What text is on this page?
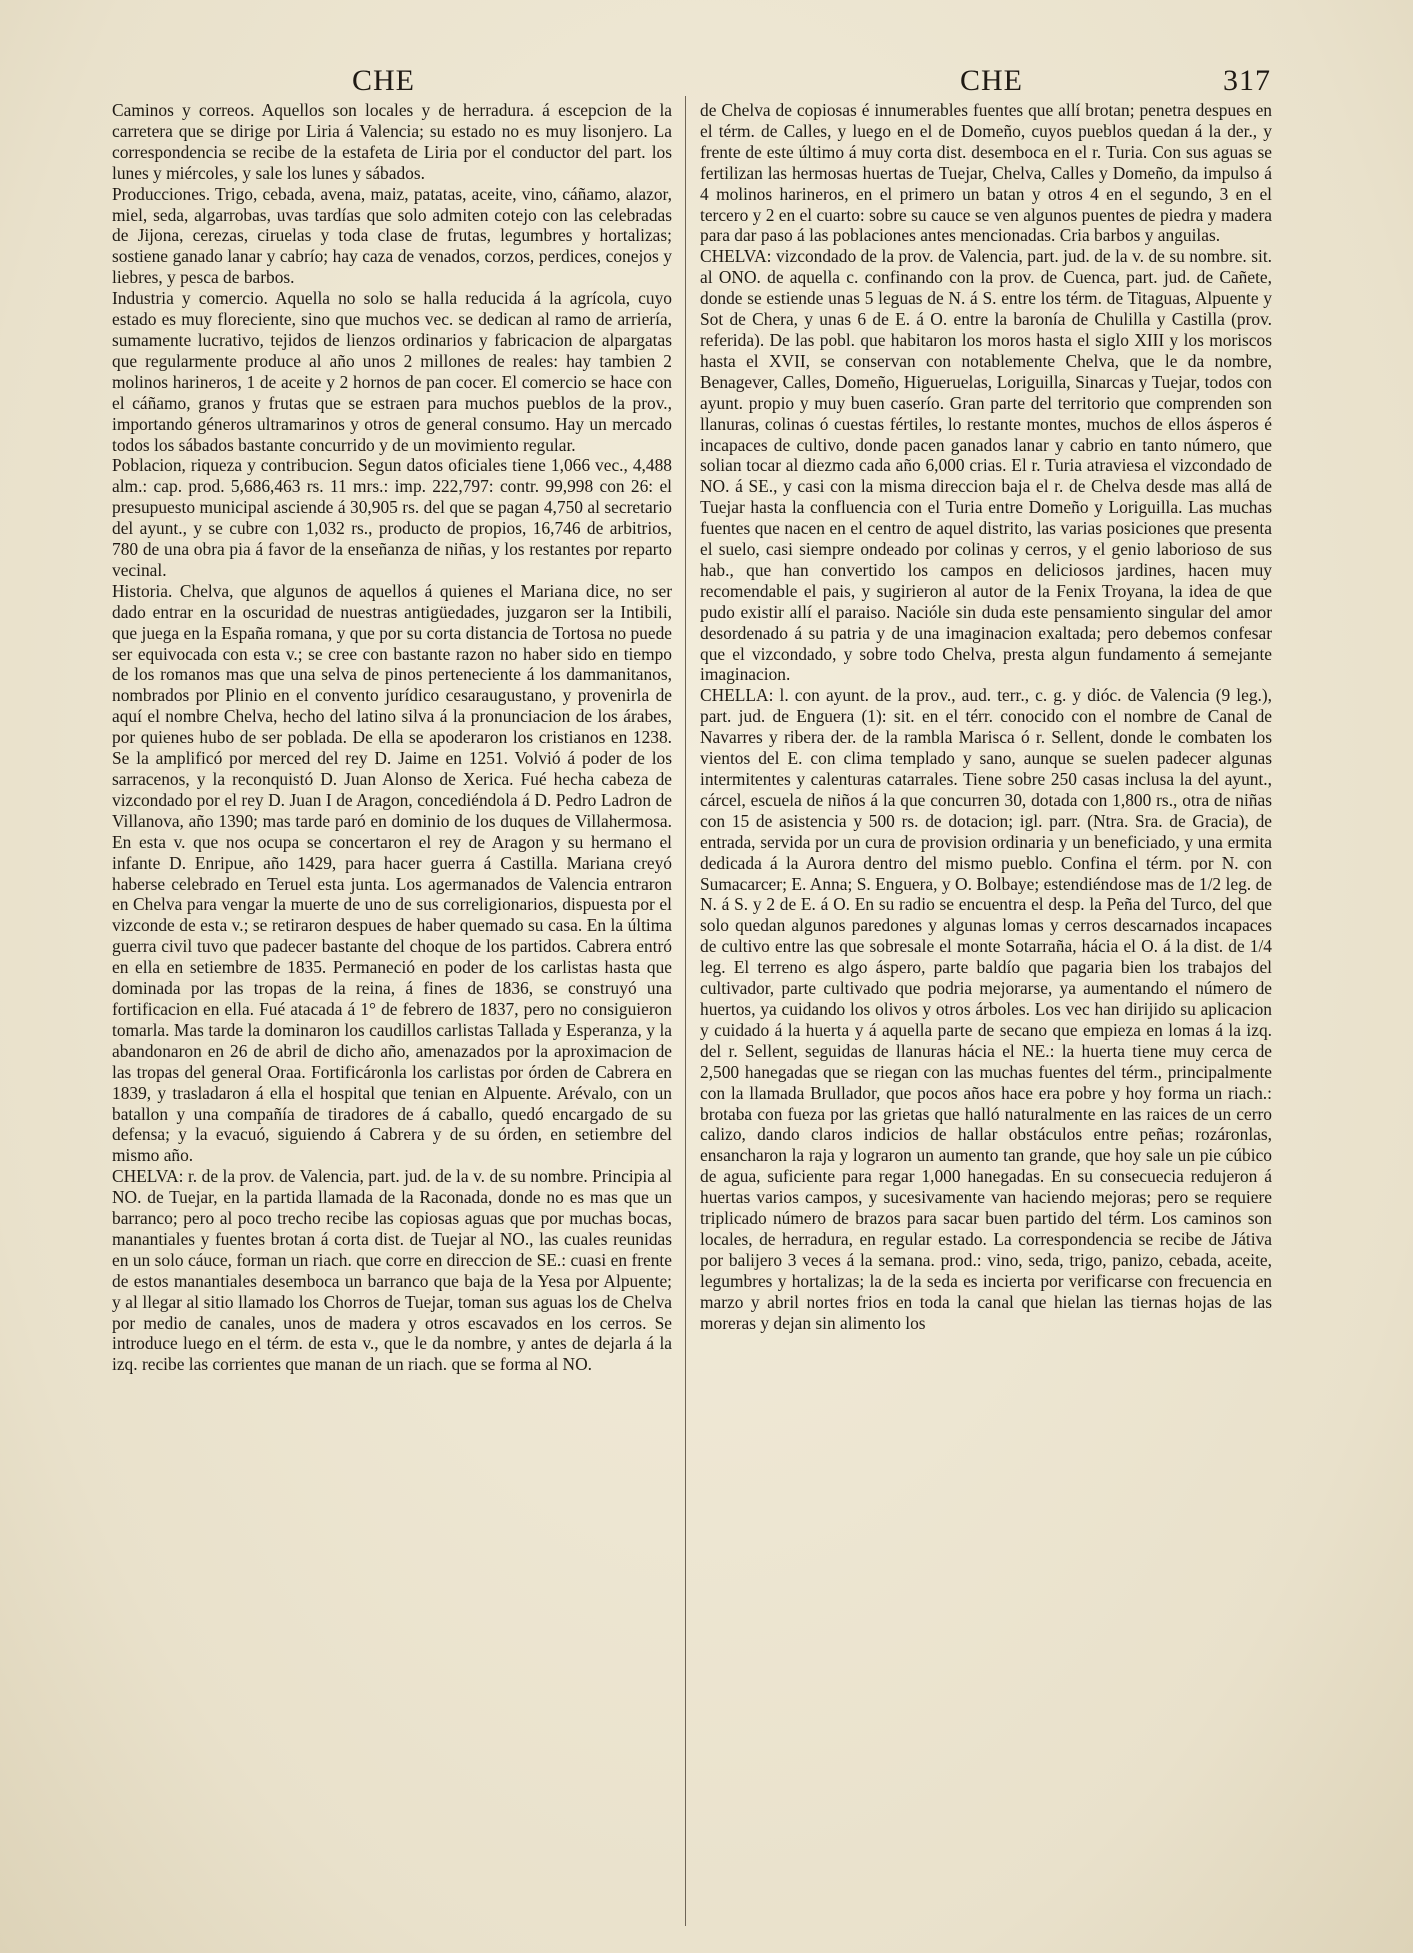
CHE	CHE	317

Caminos y correos. Aquellos son locales y de herradura. á escepcion de la carretera que se dirige por Liria á Valencia; su estado no es muy lisonjero. La correspondencia se recibe de la estafeta de Liria por el conductor del part. los lunes y miércoles, y sale los lunes y sábados.

Producciones. Trigo, cebada, avena, maiz, patatas, aceite, vino, cáñamo, alazor, miel, seda, algarrobas, uvas tardías que solo admiten cotejo con las celebradas de Jijona, cerezas, ciruelas y toda clase de frutas, legumbres y hortalizas; sostiene ganado lanar y cabrío; hay caza de venados, corzos, perdices, conejos y liebres, y pesca de barbos.

Industria y comercio. Aquella no solo se halla reducida á la agrícola, cuyo estado es muy floreciente, sino que muchos vec. se dedican al ramo de arriería, sumamente lucrativo, tejidos de lienzos ordinarios y fabricacion de alpargatas que regularmente produce al año unos 2 millones de reales: hay tambien 2 molinos harineros, 1 de aceite y 2 hornos de pan cocer. El comercio se hace con el cáñamo, granos y frutas que se estraen para muchos pueblos de la prov., importando géneros ultramarinos y otros de general consumo. Hay un mercado todos los sábados bastante concurrido y de un movimiento regular.

Poblacion, riqueza y contribucion. Segun datos oficiales tiene 1,066 vec., 4,488 alm.: cap. prod. 5,686,463 rs. 11 mrs.: imp. 222,797: contr. 99,998 con 26: el presupuesto municipal asciende á 30,905 rs. del que se pagan 4,750 al secretario del ayunt., y se cubre con 1,032 rs., producto de propios, 16,746 de arbitrios, 780 de una obra pia á favor de la enseñanza de niñas, y los restantes por reparto vecinal.

Historia. Chelva, que algunos de aquellos á quienes el Mariana dice, no ser dado entrar en la oscuridad de nuestras antigüedades, juzgaron ser la Intibili, que juega en la España romana, y que por su corta distancia de Tortosa no puede ser equivocada con esta v.; se cree con bastante razon no haber sido en tiempo de los romanos mas que una selva de pinos perteneciente á los dammanitanos, nombrados por Plinio en el convento jurídico cesaraugustano, y provenirla de aquí el nombre Chelva, hecho del latino silva á la pronunciacion de los árabes, por quienes hubo de ser poblada. De ella se apoderaron los cristianos en 1238. Se la amplificó por merced del rey D. Jaime en 1251. Volvió á poder de los sarracenos, y la reconquistó D. Juan Alonso de Xerica. Fué hecha cabeza de vizcondado por el rey D. Juan I de Aragon, concediéndola á D. Pedro Ladron de Villanova, año 1390; mas tarde paró en dominio de los duques de Villahermosa. En esta v. que nos ocupa se concertaron el rey de Aragon y su hermano el infante D. Enripue, año 1429, para hacer guerra á Castilla. Mariana creyó haberse celebrado en Teruel esta junta. Los agermanados de Valencia entraron en Chelva para vengar la muerte de uno de sus correligionarios, dispuesta por el vizconde de esta v.; se retiraron despues de haber quemado su casa. En la última guerra civil tuvo que padecer bastante del choque de los partidos. Cabrera entró en ella en setiembre de 1835. Permaneció en poder de los carlistas hasta que dominada por las tropas de la reina, á fines de 1836, se construyó una fortificacion en ella. Fué atacada á 1° de febrero de 1837, pero no consiguieron tomarla. Mas tarde la dominaron los caudillos carlistas Tallada y Esperanza, y la abandonaron en 26 de abril de dicho año, amenazados por la aproximacion de las tropas del general Oraa. Fortificáronla los carlistas por órden de Cabrera en 1839, y trasladaron á ella el hospital que tenian en Alpuente. Arévalo, con un batallon y una compañía de tiradores de á caballo, quedó encargado de su defensa; y la evacuó, siguiendo á Cabrera y de su órden, en setiembre del mismo año.

CHELVA: r. de la prov. de Valencia, part. jud. de la v. de su nombre. Principia al NO. de Tuejar, en la partida llamada de la Raconada, donde no es mas que un barranco; pero al poco trecho recibe las copiosas aguas que por muchas bocas, manantiales y fuentes brotan á corta dist. de Tuejar al NO., las cuales reunidas en un solo cáuce, forman un riach. que corre en direccion de SE.: cuasi en frente de estos manantiales desemboca un barranco que baja de la Yesa por Alpuente; y al llegar al sitio llamado los Chorros de Tuejar, toman sus aguas los de Chelva por medio de canales, unos de madera y otros escavados en los cerros. Se introduce luego en el térm. de esta v., que le da nombre, y antes de dejarla á la izq. recibe las corrientes que manan de un riach. que se forma al NO.

de Chelva de copiosas é innumerables fuentes que allí brotan; penetra despues en el térm. de Calles, y luego en el de Domeño, cuyos pueblos quedan á la der., y frente de este último á muy corta dist. desemboca en el r. Turia. Con sus aguas se fertilizan las hermosas huertas de Tuejar, Chelva, Calles y Domeño, da impulso á 4 molinos harineros, en el primero un batan y otros 4 en el segundo, 3 en el tercero y 2 en el cuarto: sobre su cauce se ven algunos puentes de piedra y madera para dar paso á las poblaciones antes mencionadas. Cria barbos y anguilas.

CHELVA: vizcondado de la prov. de Valencia, part. jud. de la v. de su nombre. sit. al ONO. de aquella c. confinando con la prov. de Cuenca, part. jud. de Cañete, donde se estiende unas 5 leguas de N. á S. entre los térm. de Titaguas, Alpuente y Sot de Chera, y unas 6 de E. á O. entre la baronía de Chulilla y Castilla (prov. referida). De las pobl. que habitaron los moros hasta el siglo XIII y los moriscos hasta el XVII, se conservan con notablemente Chelva, que le da nombre, Benagever, Calles, Domeño, Higueruelas, Loriguilla, Sinarcas y Tuejar, todos con ayunt. propio y muy buen caserío. Gran parte del territorio que comprenden son llanuras, colinas ó cuestas fértiles, lo restante montes, muchos de ellos ásperos é incapaces de cultivo, donde pacen ganados lanar y cabrio en tanto número, que solian tocar al diezmo cada año 6,000 crias. El r. Turia atraviesa el vizcondado de NO. á SE., y casi con la misma direccion baja el r. de Chelva desde mas allá de Tuejar hasta la confluencia con el Turia entre Domeño y Loriguilla. Las muchas fuentes que nacen en el centro de aquel distrito, las varias posiciones que presenta el suelo, casi siempre ondeado por colinas y cerros, y el genio laborioso de sus hab., que han convertido los campos en deliciosos jardines, hacen muy recomendable el pais, y sugirieron al autor de la Fenix Troyana, la idea de que pudo existir allí el paraiso. Nacióle sin duda este pensamiento singular del amor desordenado á su patria y de una imaginacion exaltada; pero debemos confesar que el vizcondado, y sobre todo Chelva, presta algun fundamento á semejante imaginacion.

CHELLA: l. con ayunt. de la prov., aud. terr., c. g. y dióc. de Valencia (9 leg.), part. jud. de Enguera (1): sit. en el térr. conocido con el nombre de Canal de Navarres y ribera der. de la rambla Marisca ó r. Sellent, donde le combaten los vientos del E. con clima templado y sano, aunque se suelen padecer algunas intermitentes y calenturas catarrales. Tiene sobre 250 casas inclusa la del ayunt., cárcel, escuela de niños á la que concurren 30, dotada con 1,800 rs., otra de niñas con 15 de asistencia y 500 rs. de dotacion; igl. parr. (Ntra. Sra. de Gracia), de entrada, servida por un cura de provision ordinaria y un beneficiado, y una ermita dedicada á la Aurora dentro del mismo pueblo. Confina el térm. por N. con Sumacarcer; E. Anna; S. Enguera, y O. Bolbaye; estendiéndose mas de 1/2 leg. de N. á S. y 2 de E. á O. En su radio se encuentra el desp. la Peña del Turco, del que solo quedan algunos paredones y algunas lomas y cerros descarnados incapaces de cultivo entre las que sobresale el monte Sotarraña, hácia el O. á la dist. de 1/4 leg. El terreno es algo áspero, parte baldío que pagaria bien los trabajos del cultivador, parte cultivado que podria mejorarse, ya aumentando el número de huertos, ya cuidando los olivos y otros árboles. Los vec han dirijido su aplicacion y cuidado á la huerta y á aquella parte de secano que empieza en lomas á la izq. del r. Sellent, seguidas de llanuras hácia el NE.: la huerta tiene muy cerca de 2,500 hanegadas que se riegan con las muchas fuentes del térm., principalmente con la llamada Brullador, que pocos años hace era pobre y hoy forma un riach.: brotaba con fueza por las grietas que halló naturalmente en las raices de un cerro calizo, dando claros indicios de hallar obstáculos entre peñas; rozáronlas, ensancharon la raja y lograron un aumento tan grande, que hoy sale un pie cúbico de agua, suficiente para regar 1,000 hanegadas. En su consecuecia redujeron á huertas varios campos, y sucesivamente van haciendo mejoras; pero se requiere triplicado número de brazos para sacar buen partido del térm. Los caminos son locales, de herradura, en regular estado. La correspondencia se recibe de Játiva por balijero 3 veces á la semana. prod.: vino, seda, trigo, panizo, cebada, aceite, legumbres y hortalizas; la de la seda es incierta por verificarse con frecuencia en marzo y abril nortes frios en toda la canal que hielan las tiernas hojas de las moreras y dejan sin alimento los
